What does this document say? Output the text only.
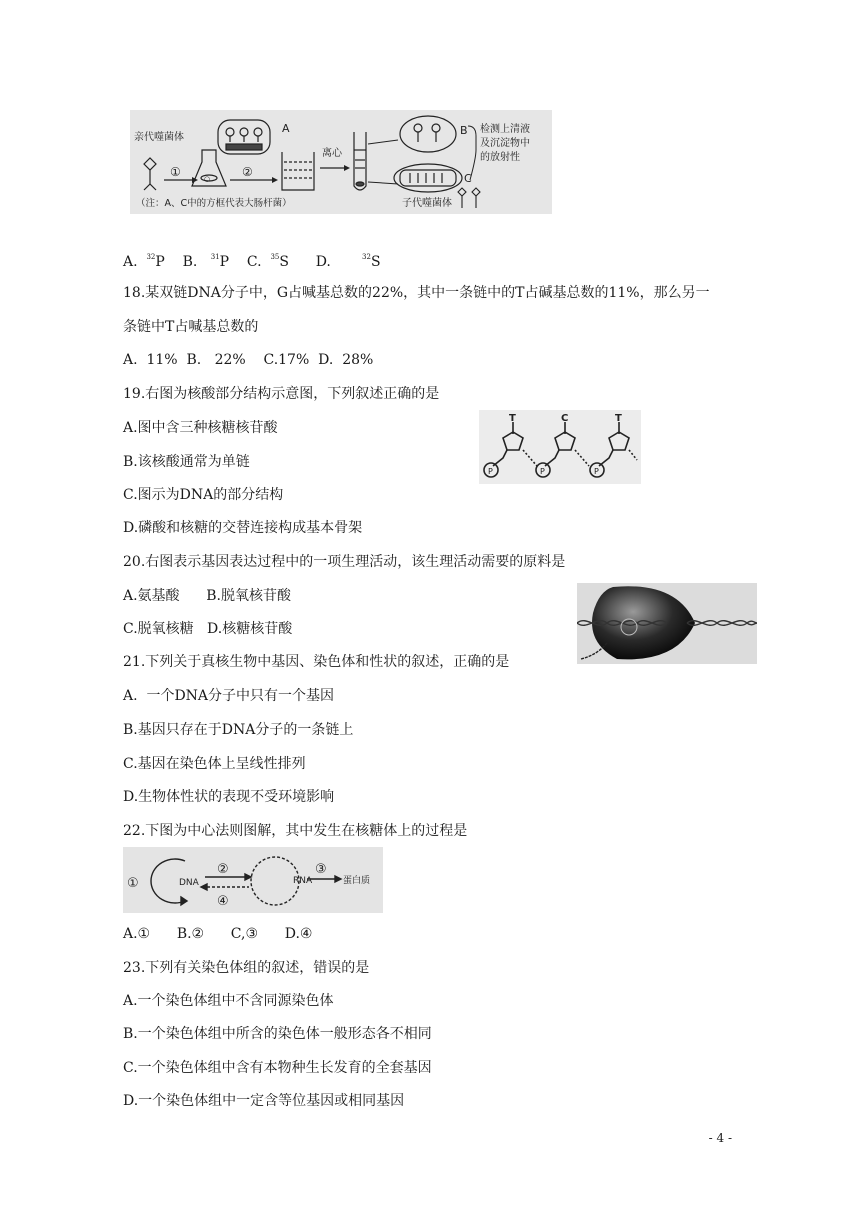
亲代噬菌体
①	○	②
A
离心
B
C
检测上清液
及沉淀物中
的放射性
子代噬菌体
（注：A、C中的方框代表大肠杆菌）
A. $^{32}$P B. $^{31}$P C. $^{35}$S D.	$^{32}$S
18.某双链DNA分子中，G占喊基总数的22%，其中一条链中的T占碱基总数的11%，那么另一
条链中T占喊基总数的
A.  11%  B.   22%    C.17%  D.  28%
19.右图为核酸部分结构示意图，下列叙述正确的是
A.图中含三种核糖核苷酸
B.该核酸通常为单链
C.图示为DNA的部分结构
D.磷酸和核糖的交替连接构成基本骨架
T	C	T
P	P	P
20.右图表示基因表达过程中的一项生理活动，该生理活动需要的原料是
A.氨基酸      B.脱氧核苷酸
C.脱氧核糖   D.核糖核苷酸
21.下列关于真核生物中基因、染色体和性状的叙述，正确的是
A.  一个DNA分子中只有一个基因
B.基因只存在于DNA分子的一条链上
C.基因在染色体上呈线性排列
D.生物体性状的表现不受环境影响
22.下图为中心法则图解，其中发生在核糖体上的过程是
①	DNA
②
④
RNA
③
蛋白质
A.①      B.②      C,③      D.④
23.下列有关染色体组的叙述，错误的是
A.一个染色体组中不含同源染色体
B.一个染色体组中所含的染色体一般形态各不相同
C.一个染色体组中含有本物种生长发育的全套基因
D.一个染色体组中一定含等位基因或相同基因
- 4 -
